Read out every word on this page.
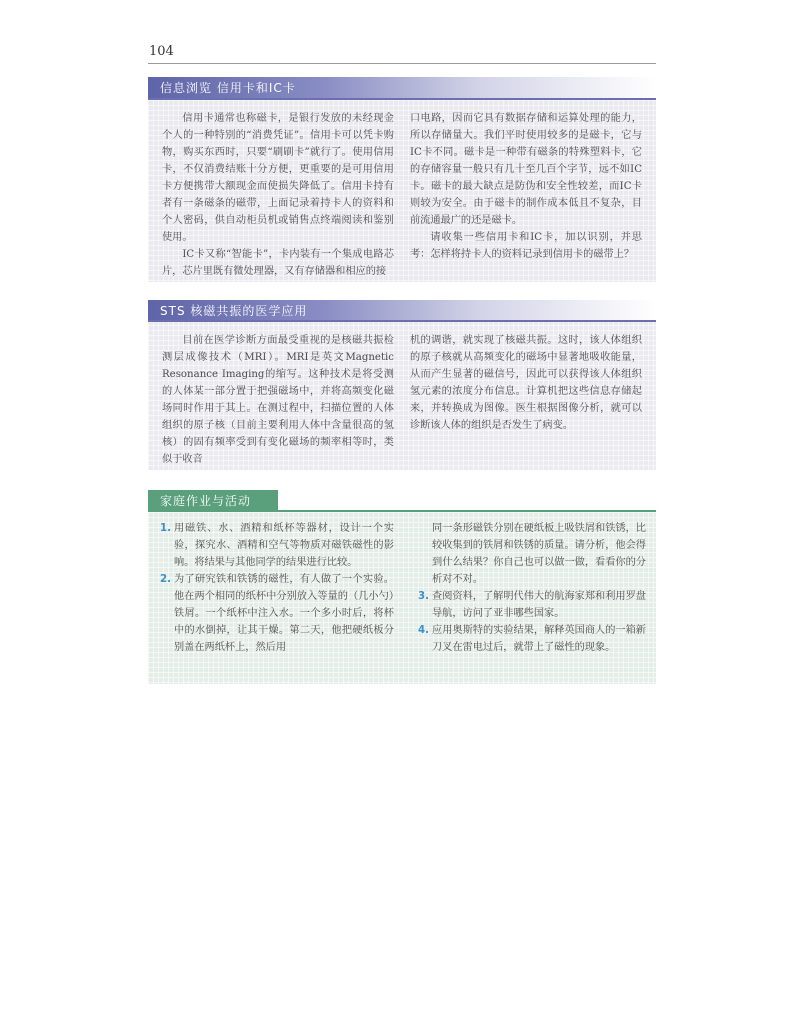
104
信息浏览 信用卡和IC卡

信用卡通常也称磁卡，是银行发放的未经现金个人的一种特别的“消费凭证”。信用卡可以凭卡购物，购买东西时，只要“刷刷卡”就行了。使用信用卡，不仅消费结账十分方便，更重要的是可用信用卡方便携带大额现金而使损失降低了。信用卡持有者有一条磁条的磁带，上面记录着持卡人的资料和个人密码，供自动柜员机或销售点终端阅读和鉴别使用。

IC卡又称“智能卡”，卡内装有一个集成电路芯片，芯片里既有微处理器，又有存储器和相应的接

口电路，因而它具有数据存储和运算处理的能力，所以存储量大。我们平时使用较多的是磁卡，它与IC卡不同。磁卡是一种带有磁条的特殊塑料卡，它的存储容量一般只有几十至几百个字节，远不如IC卡。磁卡的最大缺点是防伪和安全性较差，而IC卡则较为安全。由于磁卡的制作成本低且不复杂，目前流通最广的还是磁卡。

请收集一些信用卡和IC卡，加以识别，并思考：怎样将持卡人的资料记录到信用卡的磁带上？

STS 核磁共振的医学应用

目前在医学诊断方面最受重视的是核磁共振检测层成像技术（MRI）。MRI是英文Magnetic Resonance Imaging的缩写。这种技术是将受测的人体某一部分置于把强磁场中，并将高频变化磁场同时作用于其上。在测过程中，扫描位置的人体组织的原子核（目前主要利用人体中含量很高的氢核）的固有频率受到有变化磁场的频率相等时，类似于收音

机的调谐，就实现了核磁共振。这时，该人体组织的原子核就从高频变化的磁场中显著地吸收能量，从而产生显著的磁信号，因此可以获得该人体组织氢元素的浓度分布信息。计算机把这些信息存储起来，并转换成为图像。医生根据图像分析，就可以诊断该人体的组织是否发生了病变。

家庭作业与活动
1. 用磁铁、水、酒精和纸杯等器材，设计一个实验，探究水、酒精和空气等物质对磁铁磁性的影响。将结果与其他同学的结果进行比较。
2. 为了研究铁和铁锈的磁性，有人做了一个实验。他在两个相同的纸杯中分别放入等量的（几小勺）铁屑。一个纸杯中注入水。一个多小时后，将杯中的水倒掉，让其干燥。第二天，他把硬纸板分别盖在两纸杯上，然后用
同一条形磁铁分别在硬纸板上吸铁屑和铁锈，比较收集到的铁屑和铁锈的质量。请分析，他会得到什么结果？你自己也可以做一做，看看你的分析对不对。
3. 查阅资料，了解明代伟大的航海家郑和利用罗盘导航，访问了亚非哪些国家。
4. 应用奥斯特的实验结果，解释英国商人的一箱新刀叉在雷电过后，就带上了磁性的现象。
